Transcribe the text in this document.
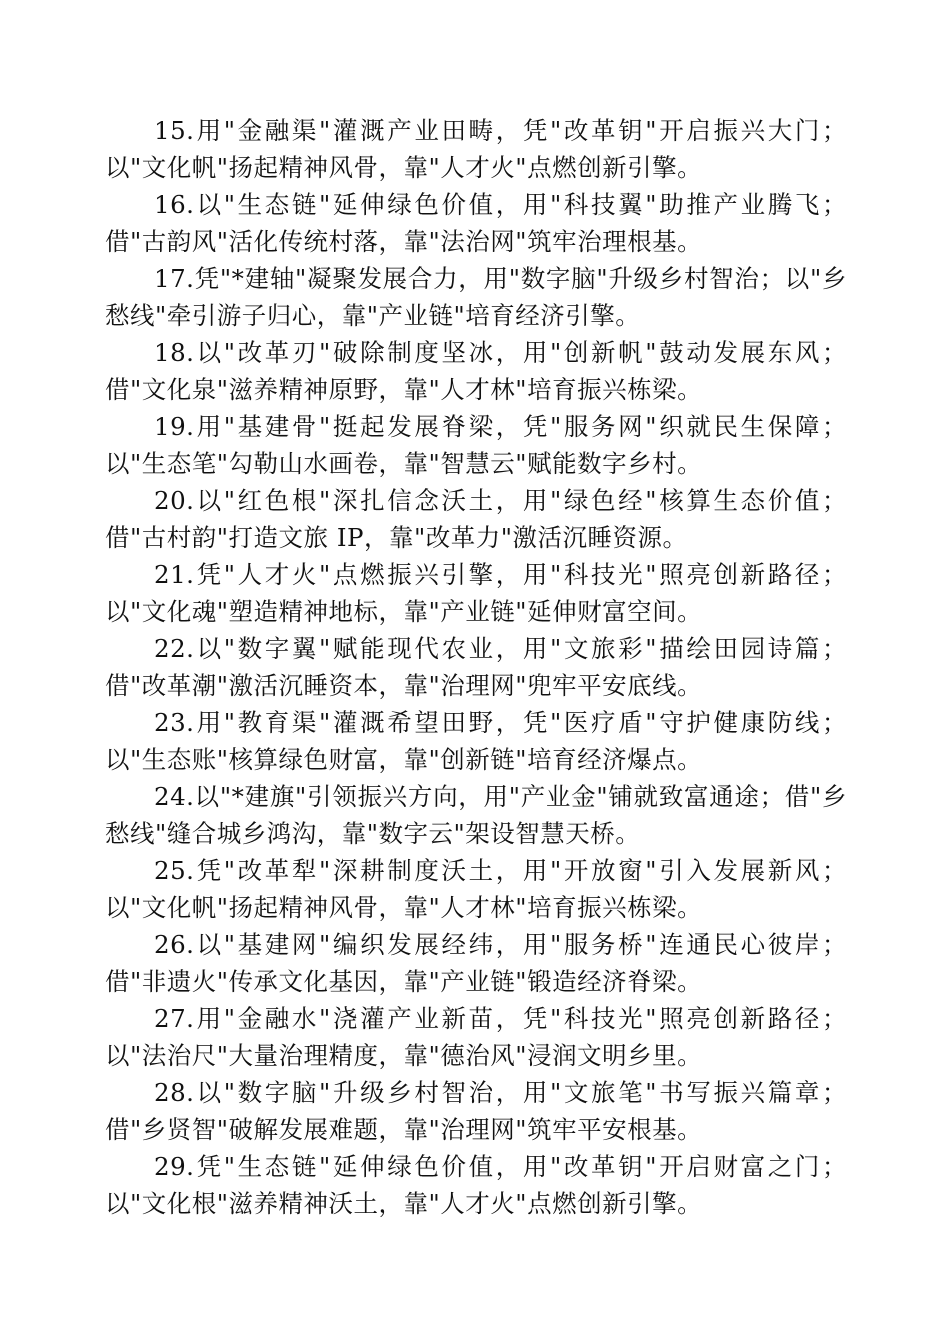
15.用"金融渠"灌溉产业田畴，凭"改革钥"开启振兴大门；以"文化帆"扬起精神风骨，靠"人才火"点燃创新引擎。

16.以"生态链"延伸绿色价值，用"科技翼"助推产业腾飞；借"古韵风"活化传统村落，靠"法治网"筑牢治理根基。

17.凭"*建轴"凝聚发展合力，用"数字脑"升级乡村智治；以"乡愁线"牵引游子归心，靠"产业链"培育经济引擎。

18.以"改革刃"破除制度坚冰，用"创新帆"鼓动发展东风；借"文化泉"滋养精神原野，靠"人才林"培育振兴栋梁。

19.用"基建骨"挺起发展脊梁，凭"服务网"织就民生保障；以"生态笔"勾勒山水画卷，靠"智慧云"赋能数字乡村。

20.以"红色根"深扎信念沃土，用"绿色经"核算生态价值；借"古村韵"打造文旅 IP，靠"改革力"激活沉睡资源。

21.凭"人才火"点燃振兴引擎，用"科技光"照亮创新路径；以"文化魂"塑造精神地标，靠"产业链"延伸财富空间。

22.以"数字翼"赋能现代农业，用"文旅彩"描绘田园诗篇；借"改革潮"激活沉睡资本，靠"治理网"兜牢平安底线。

23.用"教育渠"灌溉希望田野，凭"医疗盾"守护健康防线；以"生态账"核算绿色财富，靠"创新链"培育经济爆点。

24.以"*建旗"引领振兴方向，用"产业金"铺就致富通途；借"乡愁线"缝合城乡鸿沟，靠"数字云"架设智慧天桥。

25.凭"改革犁"深耕制度沃土，用"开放窗"引入发展新风；以"文化帆"扬起精神风骨，靠"人才林"培育振兴栋梁。

26.以"基建网"编织发展经纬，用"服务桥"连通民心彼岸；借"非遗火"传承文化基因，靠"产业链"锻造经济脊梁。

27.用"金融水"浇灌产业新苗，凭"科技光"照亮创新路径；以"法治尺"大量治理精度，靠"德治风"浸润文明乡里。

28.以"数字脑"升级乡村智治，用"文旅笔"书写振兴篇章；借"乡贤智"破解发展难题，靠"治理网"筑牢平安根基。

29.凭"生态链"延伸绿色价值，用"改革钥"开启财富之门；以"文化根"滋养精神沃土，靠"人才火"点燃创新引擎。
